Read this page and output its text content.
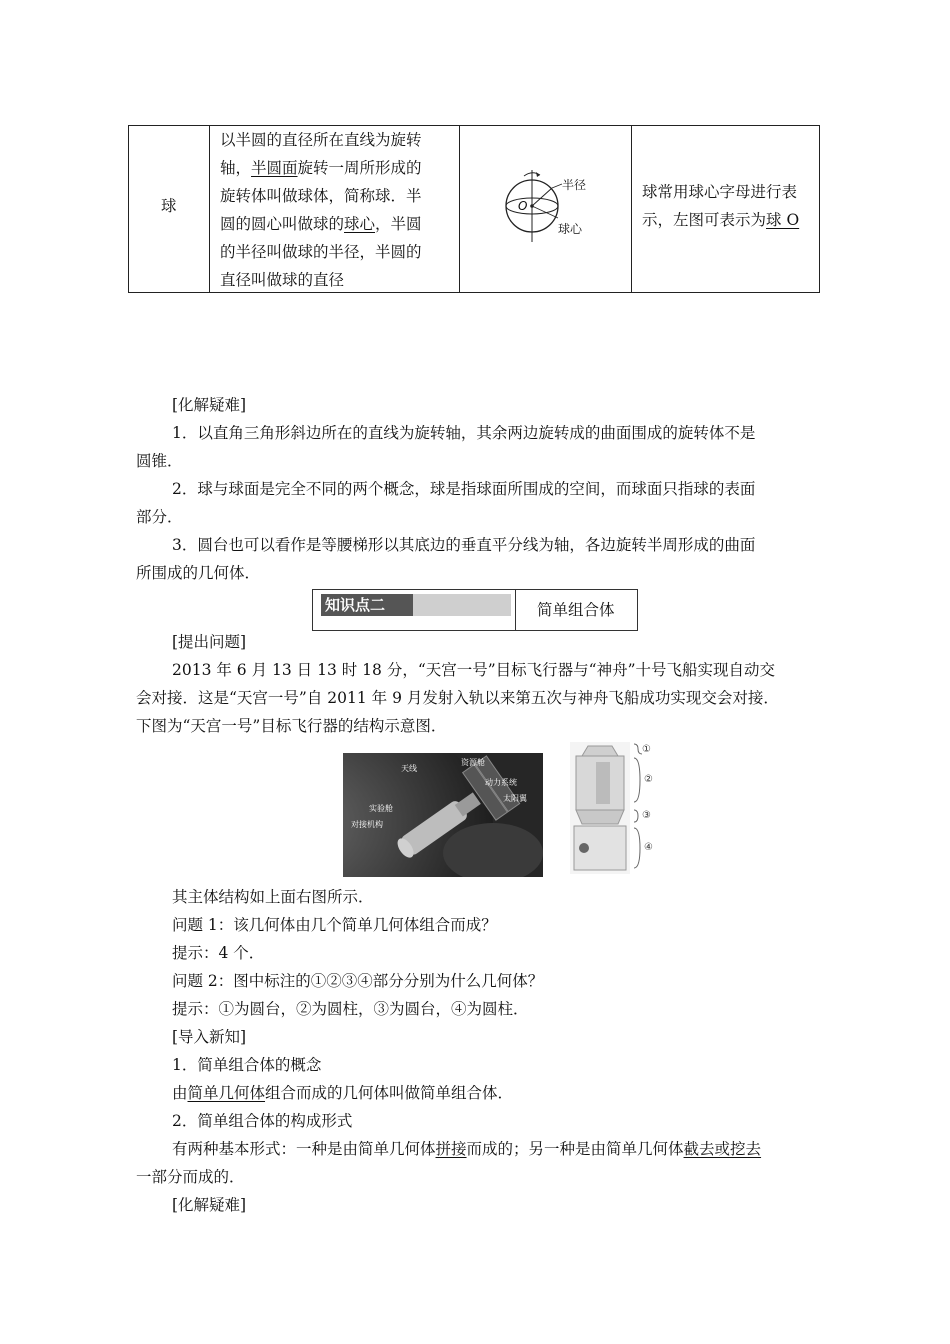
球
以半圆的直径所在直线为旋转
轴，半圆面旋转一周所形成的
旋转体叫做球体，简称球．半
圆的圆心叫做球的球心，半圆
的半径叫做球的半径，半圆的
直径叫做球的直径
O
半径
球心
球常用球心字母进行表
示，左图可表示为球 O
[化解疑难]
1．以直角三角形斜边所在的直线为旋转轴，其余两边旋转成的曲面围成的旋转体不是
圆锥．
2．球与球面是完全不同的两个概念，球是指球面所围成的空间，而球面只指球的表面
部分．
3．圆台也可以看作是等腰梯形以其底边的垂直平分线为轴，各边旋转半周形成的曲面
所围成的几何体．
知识点二	简单组合体
[提出问题]
2013 年 6 月 13 日 13 时 18 分，“天宫一号”目标飞行器与“神舟”十号飞船实现自动交
会对接．这是“天宫一号”自 2011 年 9 月发射入轨以来第五次与神舟飞船成功实现交会对接．
下图为“天宫一号”目标飞行器的结构示意图．
天线
资源舱
动力系统
太阳翼
实验舱
对接机构
①
②
③
④
其主体结构如上面右图所示．
问题 1：该几何体由几个简单几何体组合而成？
提示：4 个．
问题 2：图中标注的①②③④部分分别为什么几何体？
提示：①为圆台，②为圆柱，③为圆台，④为圆柱．
[导入新知]
1．简单组合体的概念
由简单几何体组合而成的几何体叫做简单组合体．
2．简单组合体的构成形式
有两种基本形式：一种是由简单几何体拼接而成的；另一种是由简单几何体截去或挖去
一部分而成的．
[化解疑难]
